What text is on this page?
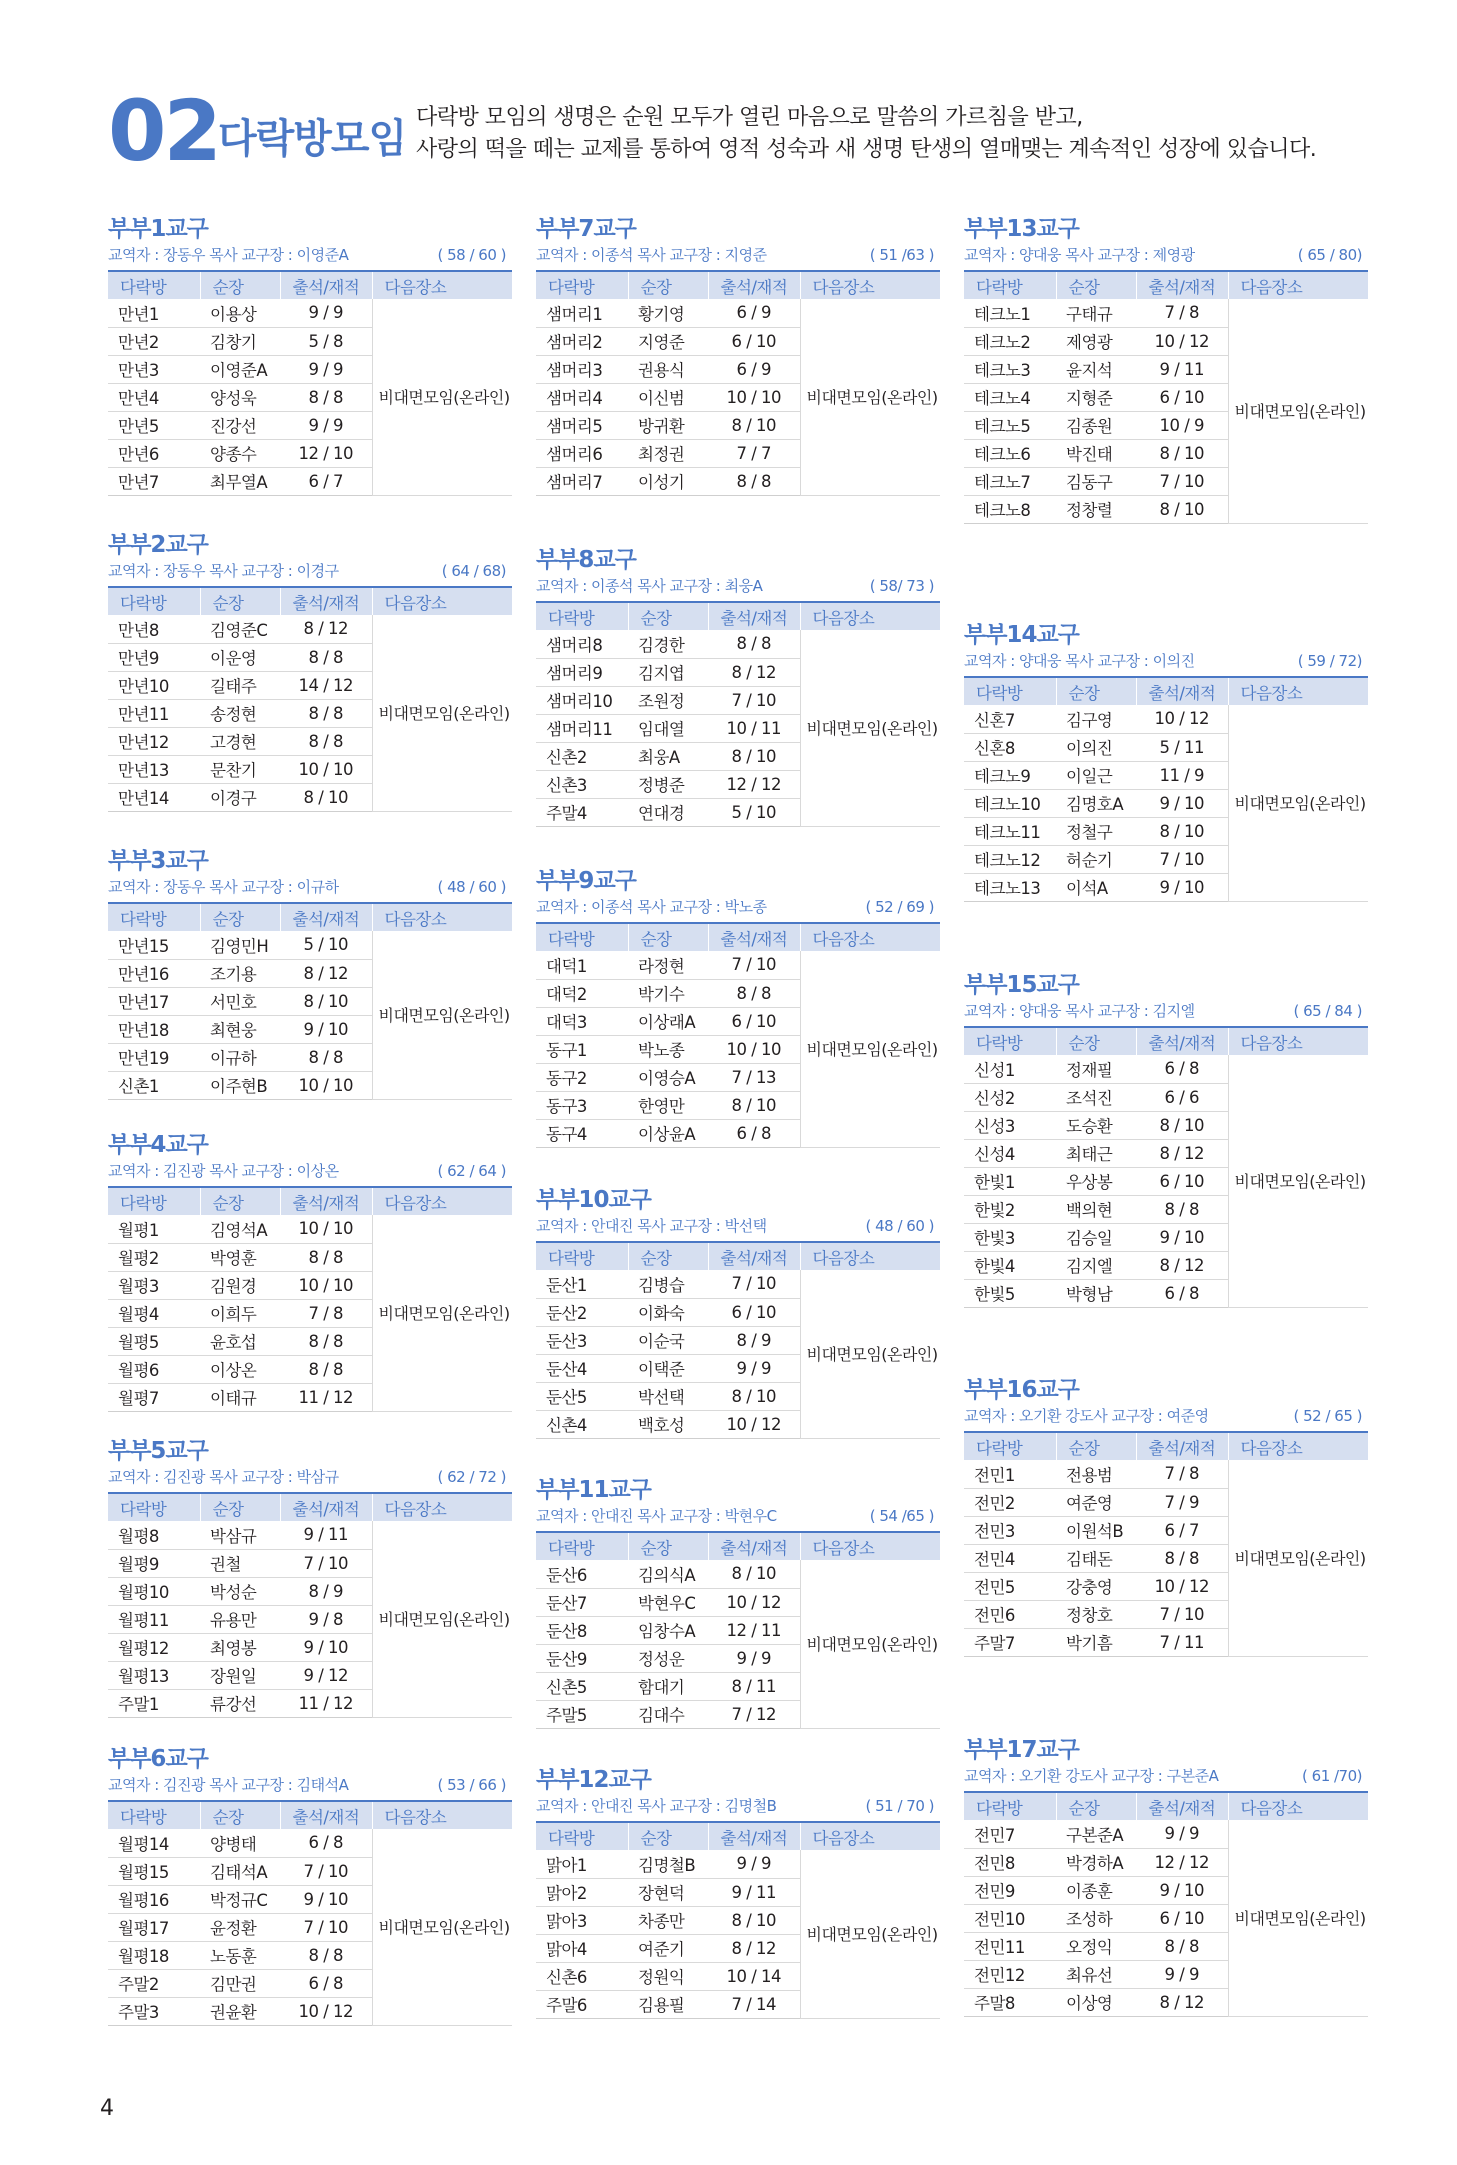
02 다락방모임 다락방 모임의 생명은 순원 모두가 열린 마음으로 말씀의 가르침을 받고,
사랑의 떡을 떼는 교제를 통하여 영적 성숙과 새 생명 탄생의 열매맺는 계속적인 성장에 있습니다.
부부1교구
교역자 : 장동우 목사 교구장 : 이영준A	( 58 / 60 )
다락방	순장	출석/재적	다음장소
만년1	이용상	9 / 9	비대면모임(온라인)
만년2	김창기	5 / 8	
만년3	이영준A	9 / 9	
만년4	양성욱	8 / 8	
만년5	진강선	9 / 9	
만년6	양종수	12 / 10	
만년7	최무열A	6 / 7	
부부2교구
교역자 : 장동우 목사 교구장 : 이경구	( 64 / 68)
다락방	순장	출석/재적	다음장소
만년8	김영준C	8 / 12	비대면모임(온라인)
만년9	이운영	8 / 8	
만년10	길태주	14 / 12	
만년11	송정현	8 / 8	
만년12	고경현	8 / 8	
만년13	문찬기	10 / 10	
만년14	이경구	8 / 10	
부부3교구
교역자 : 장동우 목사 교구장 : 이규하	( 48 / 60 )
다락방	순장	출석/재적	다음장소
만년15	김영민H	5 / 10	비대면모임(온라인)
만년16	조기용	8 / 12	
만년17	서민호	8 / 10	
만년18	최현웅	9 / 10	
만년19	이규하	8 / 8	
신촌1	이주현B	10 / 10	
부부4교구
교역자 : 김진광 목사 교구장 : 이상온	( 62 / 64 )
다락방	순장	출석/재적	다음장소
월평1	김영석A	10 / 10	비대면모임(온라인)
월평2	박영훈	8 / 8	
월평3	김원경	10 / 10	
월평4	이희두	7 / 8	
월평5	윤호섭	8 / 8	
월평6	이상온	8 / 8	
월평7	이태규	11 / 12	
부부5교구
교역자 : 김진광 목사 교구장 : 박삼규	( 62 / 72 )
다락방	순장	출석/재적	다음장소
월평8	박삼규	9 / 11	비대면모임(온라인)
월평9	권철	7 / 10	
월평10	박성순	8 / 9	
월평11	유용만	9 / 8	
월평12	최영봉	9 / 10	
월평13	장원일	9 / 12	
주말1	류강선	11 / 12	
부부6교구
교역자 : 김진광 목사 교구장 : 김태석A	( 53 / 66 )
다락방	순장	출석/재적	다음장소
월평14	양병태	6 / 8	비대면모임(온라인)
월평15	김태석A	7 / 10	
월평16	박정규C	9 / 10	
월평17	윤정환	7 / 10	
월평18	노동훈	8 / 8	
주말2	김만권	6 / 8	
주말3	권윤환	10 / 12	
부부7교구
교역자 : 이종석 목사 교구장 : 지영준	( 51 /63 )
다락방	순장	출석/재적	다음장소
샘머리1	황기영	6 / 9	비대면모임(온라인)
샘머리2	지영준	6 / 10	
샘머리3	권용식	6 / 9	
샘머리4	이신범	10 / 10	
샘머리5	방귀환	8 / 10	
샘머리6	최정권	7 / 7	
샘머리7	이성기	8 / 8	
부부8교구
교역자 : 이종석 목사 교구장 : 최웅A	( 58/ 73 )
다락방	순장	출석/재적	다음장소
샘머리8	김경한	8 / 8	비대면모임(온라인)
샘머리9	김지엽	8 / 12	
샘머리10	조원정	7 / 10	
샘머리11	임대열	10 / 11	
신촌2	최웅A	8 / 10	
신촌3	정병준	12 / 12	
주말4	연대경	5 / 10	
부부9교구
교역자 : 이종석 목사 교구장 : 박노종	( 52 / 69 )
다락방	순장	출석/재적	다음장소
대덕1	라정현	7 / 10	비대면모임(온라인)
대덕2	박기수	8 / 8	
대덕3	이상래A	6 / 10	
동구1	박노종	10 / 10	
동구2	이영승A	7 / 13	
동구3	한영만	8 / 10	
동구4	이상윤A	6 / 8	
부부10교구
교역자 : 안대진 목사 교구장 : 박선택	( 48 / 60 )
다락방	순장	출석/재적	다음장소
둔산1	김병습	7 / 10	비대면모임(온라인)
둔산2	이화숙	6 / 10	
둔산3	이순국	8 / 9	
둔산4	이택준	9 / 9	
둔산5	박선택	8 / 10	
신촌4	백호성	10 / 12	
부부11교구
교역자 : 안대진 목사 교구장 : 박현우C	( 54 /65 )
다락방	순장	출석/재적	다음장소
둔산6	김의식A	8 / 10	비대면모임(온라인)
둔산7	박현우C	10 / 12	
둔산8	임창수A	12 / 11	
둔산9	정성운	9 / 9	
신촌5	함대기	8 / 11	
주말5	김대수	7 / 12	
부부12교구
교역자 : 안대진 목사 교구장 : 김명철B	( 51 / 70 )
다락방	순장	출석/재적	다음장소
맑아1	김명철B	9 / 9	비대면모임(온라인)
맑아2	장현덕	9 / 11	
맑아3	차종만	8 / 10	
맑아4	여준기	8 / 12	
신촌6	정원익	10 / 14	
주말6	김용필	7 / 14	
부부13교구
교역자 : 양대웅 목사 교구장 : 제영광	( 65 / 80)
다락방	순장	출석/재적	다음장소
테크노1	구태규	7 / 8	비대면모임(온라인)
테크노2	제영광	10 / 12	
테크노3	윤지석	9 / 11	
테크노4	지형준	6 / 10	
테크노5	김종원	10 / 9	
테크노6	박진태	8 / 10	
테크노7	김동구	7 / 10	
테크노8	정창렬	8 / 10	
부부14교구
교역자 : 양대웅 목사 교구장 : 이의진	( 59 / 72)
다락방	순장	출석/재적	다음장소
신혼7	김구영	10 / 12	비대면모임(온라인)
신혼8	이의진	5 / 11	
테크노9	이일근	11 / 9	
테크노10	김명호A	9 / 10	
테크노11	정철구	8 / 10	
테크노12	허순기	7 / 10	
테크노13	이석A	9 / 10	
부부15교구
교역자 : 양대웅 목사 교구장 : 김지엘	( 65 / 84 )
다락방	순장	출석/재적	다음장소
신성1	정재필	6 / 8	비대면모임(온라인)
신성2	조석진	6 / 6	
신성3	도승환	8 / 10	
신성4	최태근	8 / 12	
한빛1	우상봉	6 / 10	
한빛2	백의현	8 / 8	
한빛3	김승일	9 / 10	
한빛4	김지엘	8 / 12	
한빛5	박형남	6 / 8	
부부16교구
교역자 : 오기환 강도사 교구장 : 여준영	( 52 / 65 )
다락방	순장	출석/재적	다음장소
전민1	전용범	7 / 8	비대면모임(온라인)
전민2	여준영	7 / 9	
전민3	이원석B	6 / 7	
전민4	김태돈	8 / 8	
전민5	강충영	10 / 12	
전민6	정창호	7 / 10	
주말7	박기흠	7 / 11	
부부17교구
교역자 : 오기환 강도사 교구장 : 구본준A	( 61 /70)
다락방	순장	출석/재적	다음장소
전민7	구본준A	9 / 9	비대면모임(온라인)
전민8	박경하A	12 / 12	
전민9	이종훈	9 / 10	
전민10	조성하	6 / 10	
전민11	오정익	8 / 8	
전민12	최유선	9 / 9	
주말8	이상영	8 / 12	
4
